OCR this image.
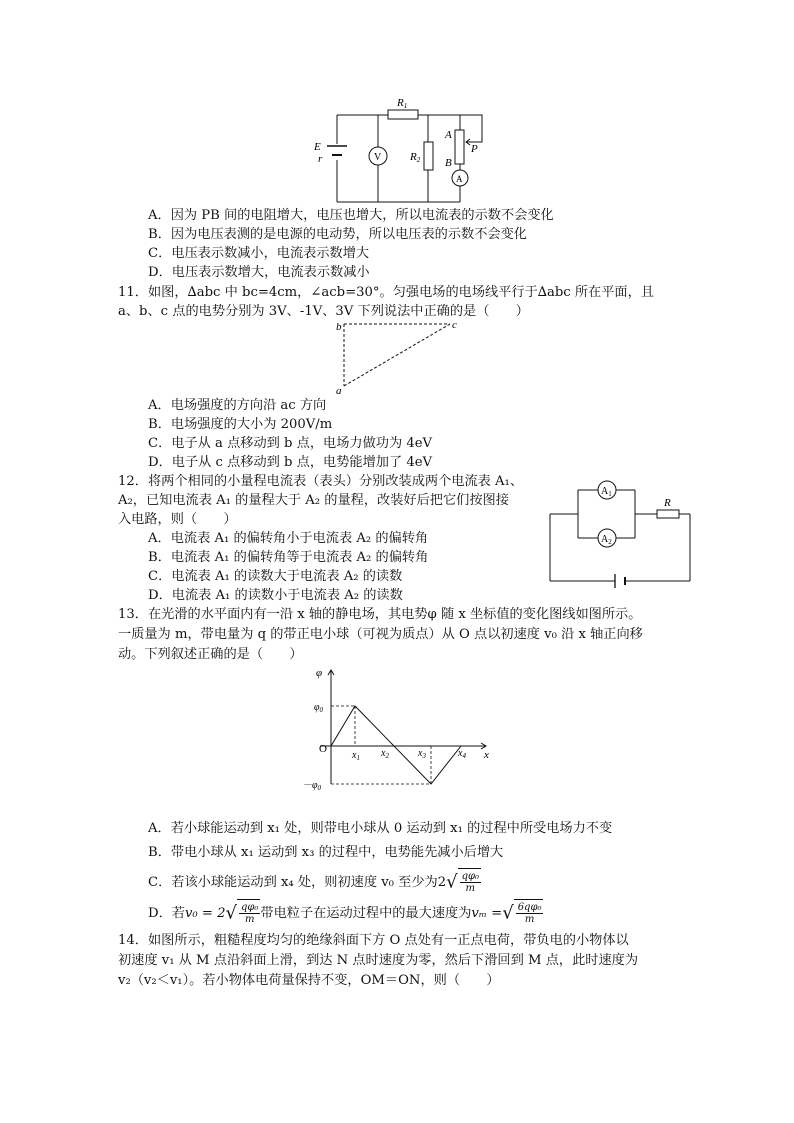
E
r
R1
R2
A
B
P
V
A
A．因为 PB 间的电阻增大，电压也增大，所以电流表的示数不会变化
B．因为电压表测的是电源的电动势，所以电压表的示数不会变化
C．电压表示数减小，电流表示数增大
D．电压表示数增大，电流表示数减小
11．如图，∆abc 中 bc=4cm，∠acb=30°。匀强电场的电场线平行于∆abc 所在平面，且
a、b、c 点的电势分别为 3V、-1V、3V 下列说法中正确的是（　　）
b	c
a
A．电场强度的方向沿 ac 方向
B．电场强度的大小为 200V/m
C．电子从 a 点移动到 b 点，电场力做功为 4eV
D．电子从 c 点移动到 b 点，电势能增加了 4eV
12．将两个相同的小量程电流表（表头）分别改装成两个电流表 A₁、
A₂，已知电流表 A₁ 的量程大于 A₂ 的量程，改装好后把它们按图接
入电路，则（　　）
A．电流表 A₁ 的偏转角小于电流表 A₂ 的偏转角
B．电流表 A₁ 的偏转角等于电流表 A₂ 的偏转角
C．电流表 A₁ 的读数大于电流表 A₂ 的读数
D．电流表 A₁ 的读数小于电流表 A₂ 的读数
$A_1$
$A_2$
R
13．在光滑的水平面内有一沿 x 轴的静电场，其电势φ 随 x 坐标值的变化图线如图所示。
一质量为 m，带电量为 q 的带正电小球（可视为质点）从 O 点以初速度 v₀ 沿 x 轴正向移
动。下列叙述正确的是（　　）
φ
$\varphi_0$
$-\varphi_0$
O	x
$x_1$ $x_2$	$x_3$	$x_4$
A．若小球能运动到 x₁ 处，则带电小球从 0 运动到 x₁ 的过程中所受电场力不变
B．带电小球从 x₁ 运动到 x₃ 的过程中，电势能先减小后增大
C．若该小球能运动到 x₄ 处，则初速度 v₀ 至少为$2√ \frac{\text{qφ₀}}{m}$
D．若$v_0 = 2√ \frac{\text{qφ₀}}{m}$ 带电粒子在运动过程中的最大速度为vₘ =√ $\frac{\text{6qφ₀}}{m}$
14．如图所示，粗糙程度均匀的绝缘斜面下方 O 点处有一正点电荷，带负电的小物体以
初速度 v₁ 从 M 点沿斜面上滑，到达 N 点时速度为零，然后下滑回到 M 点，此时速度为
v₂（v₂＜v₁）。若小物体电荷量保持不变，OM＝ON，则（　　）
